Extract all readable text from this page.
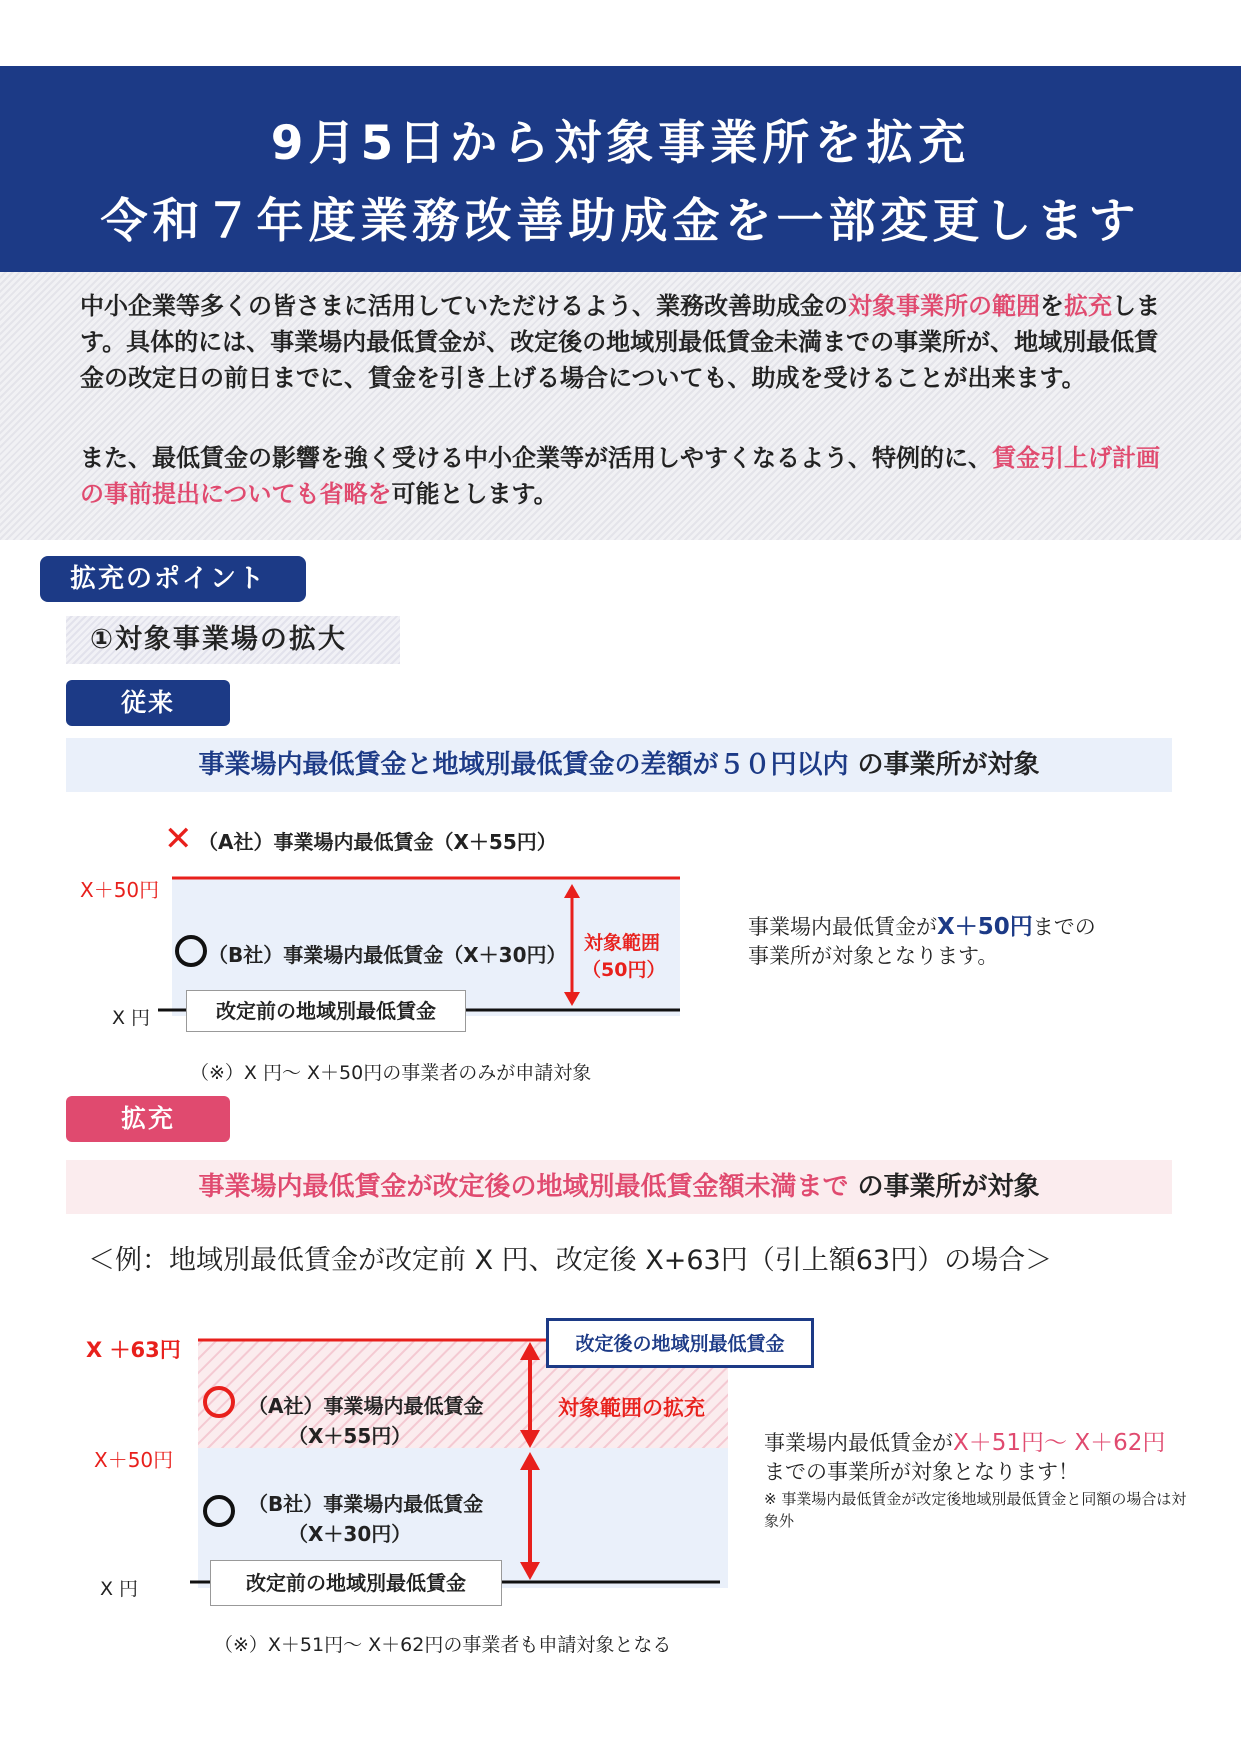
9月5日から対象事業所を拡充
令和７年度業務改善助成金を一部変更します
中小企業等多くの皆さまに活用していただけるよう、業務改善助成金の対象事業所の範囲を拡充します。具体的には、事業場内最低賃金が、改定後の地域別最低賃金未満までの事業所が、地域別最低賃金の改定日の前日までに、賃金を引き上げる場合についても、助成を受けることが出来ます。
また、最低賃金の影響を強く受ける中小企業等が活用しやすくなるよう、特例的に、賃金引上げ計画の事前提出についても省略を可能とします。
拡充のポイント
①対象事業場の拡大
従来
事業場内最低賃金と地域別最低賃金の差額が５０円以内 の事業所が対象
✕ （A社）事業場内最低賃金（X＋55円）
X＋50円
（B社）事業場内最低賃金（X＋30円） 対象範囲
（50円）
X 円	改定前の地域別最低賃金
事業場内最低賃金がX＋50円までの
事業所が対象となります。
（※）X 円～ X＋50円の事業者のみが申請対象
拡充
事業場内最低賃金が改定後の地域別最低賃金額未満まで の事業所が対象
＜例：地域別最低賃金が改定前 X 円、改定後 X+63円（引上額63円）の場合＞
X ＋63円	改定後の地域別最低賃金
（A社）事業場内最低賃金
（X＋55円）
対象範囲の拡充
X＋50円
（B社）事業場内最低賃金
（X＋30円）
X 円	改定前の地域別最低賃金
事業場内最低賃金がX＋51円～ X＋62円
までの事業所が対象となります！
※ 事業場内最低賃金が改定後地域別最低賃金と同額の場合は対象外
（※）X＋51円～ X＋62円の事業者も申請対象となる
